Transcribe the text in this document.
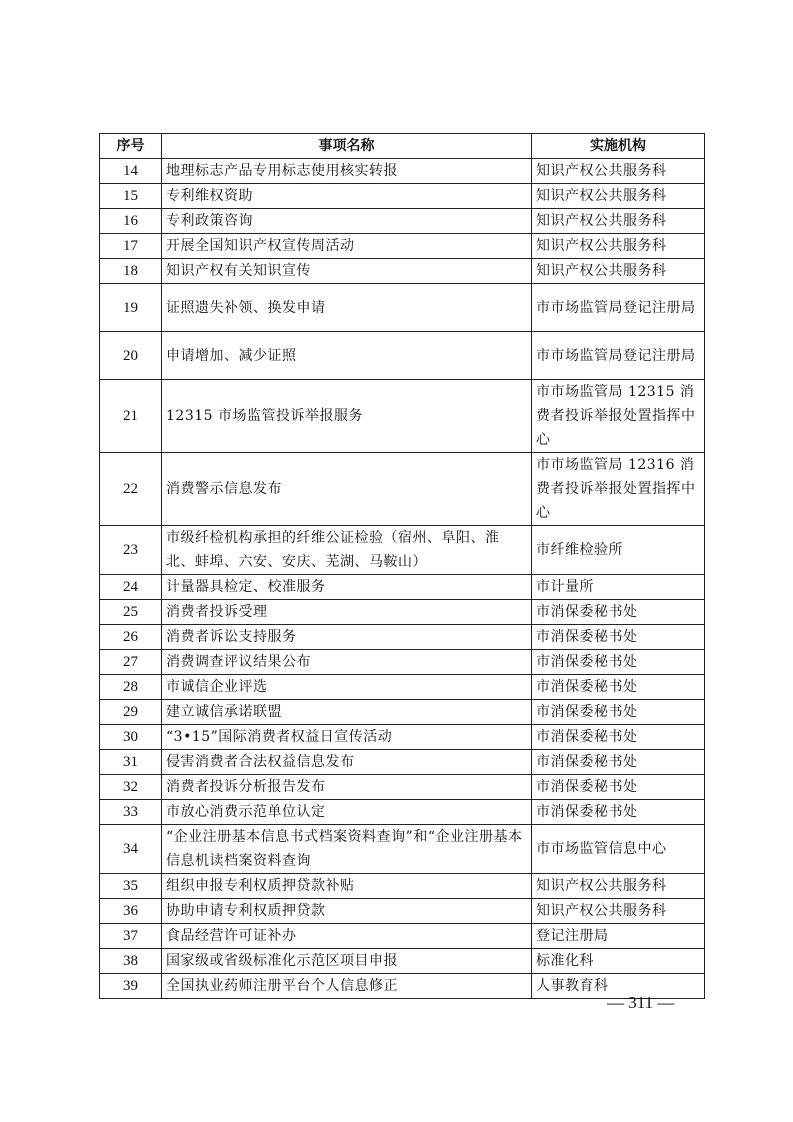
序号	事项名称	实施机构
14	地理标志产品专用标志使用核实转报	知识产权公共服务科
15	专利维权资助	知识产权公共服务科
16	专利政策咨询	知识产权公共服务科
17	开展全国知识产权宣传周活动	知识产权公共服务科
18	知识产权有关知识宣传	知识产权公共服务科
19	证照遗失补领、换发申请	市市场监管局登记注册局
20	申请增加、减少证照	市市场监管局登记注册局
21	12315 市场监管投诉举报服务	市市场监管局 12315 消费者投诉举报处置指挥中心
22	消费警示信息发布	市市场监管局 12316 消费者投诉举报处置指挥中心
23	市级纤检机构承担的纤维公证检验（宿州、阜阳、淮北、蚌埠、六安、安庆、芜湖、马鞍山）	市纤维检验所
24	计量器具检定、校准服务	市计量所
25	消费者投诉受理	市消保委秘书处
26	消费者诉讼支持服务	市消保委秘书处
27	消费调查评议结果公布	市消保委秘书处
28	市诚信企业评选	市消保委秘书处
29	建立诚信承诺联盟	市消保委秘书处
30	“3•15”国际消费者权益日宣传活动	市消保委秘书处
31	侵害消费者合法权益信息发布	市消保委秘书处
32	消费者投诉分析报告发布	市消保委秘书处
33	市放心消费示范单位认定	市消保委秘书处
34	“企业注册基本信息书式档案资料查询”和“企业注册基本信息机读档案资料查询	市市场监管信息中心
35	组织申报专利权质押贷款补贴	知识产权公共服务科
36	协助申请专利权质押贷款	知识产权公共服务科
37	食品经营许可证补办	登记注册局
38	国家级或省级标准化示范区项目申报	标准化科
39	全国执业药师注册平台个人信息修正	人事教育科
— 311 —
